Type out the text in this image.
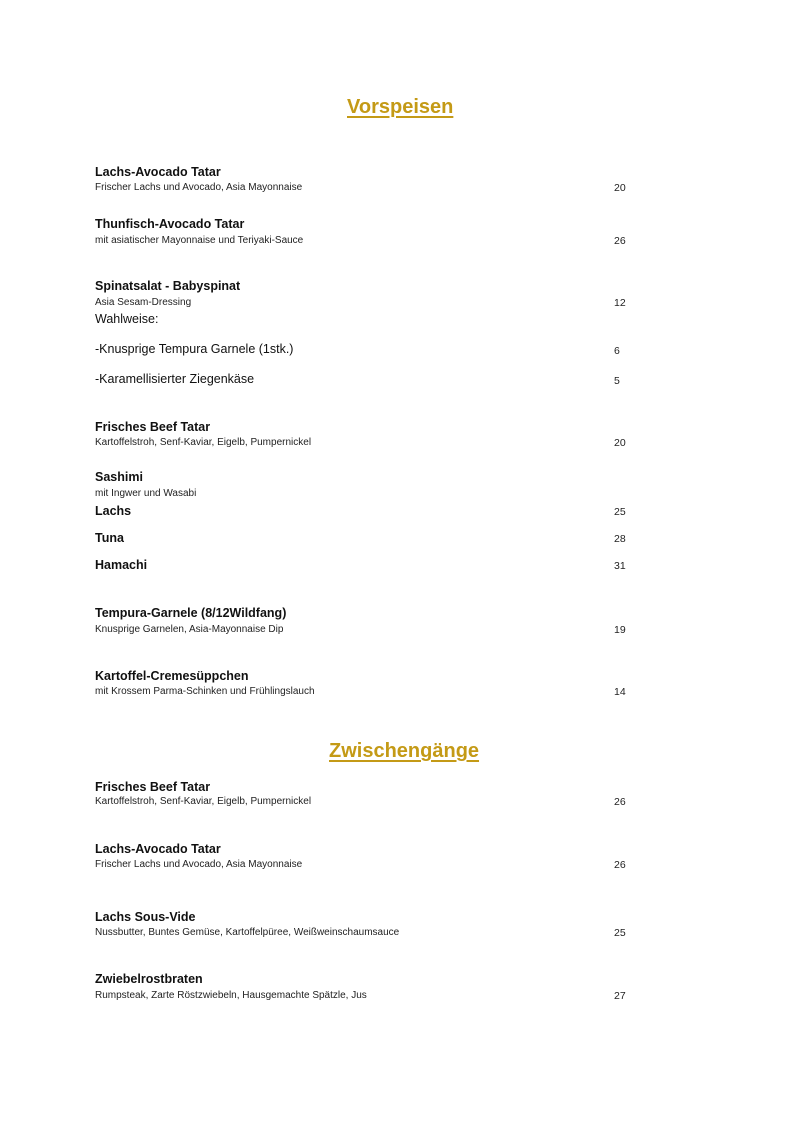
Vorspeisen
Lachs-Avocado Tatar
Frischer Lachs und Avocado, Asia Mayonnaise	20
Thunfisch-Avocado Tatar
mit asiatischer Mayonnaise und Teriyaki-Sauce	26
Spinatsalat - Babyspinat
Asia Sesam-Dressing	12
Wahlweise:
-Knusprige Tempura Garnele (1stk.)	6
-Karamellisierter Ziegenkäse	5
Frisches Beef Tatar
Kartoffelstroh, Senf-Kaviar, Eigelb, Pumpernickel	20
Sashimi
mit Ingwer und Wasabi
Lachs	25
Tuna	28
Hamachi	31
Tempura-Garnele (8/12Wildfang)
Knusprige Garnelen, Asia-Mayonnaise Dip	19
Kartoffel-Cremesüppchen
mit Krossem Parma-Schinken und Frühlingslauch	14
Zwischengänge
Frisches Beef Tatar
Kartoffelstroh, Senf-Kaviar, Eigelb, Pumpernickel	26
Lachs-Avocado Tatar
Frischer Lachs und Avocado, Asia Mayonnaise	26
Lachs Sous-Vide
Nussbutter, Buntes Gemüse, Kartoffelpüree, Weißweinschaumsauce	25
Zwiebelrostbraten
Rumpsteak, Zarte Röstzwiebeln, Hausgemachte Spätzle, Jus	27
